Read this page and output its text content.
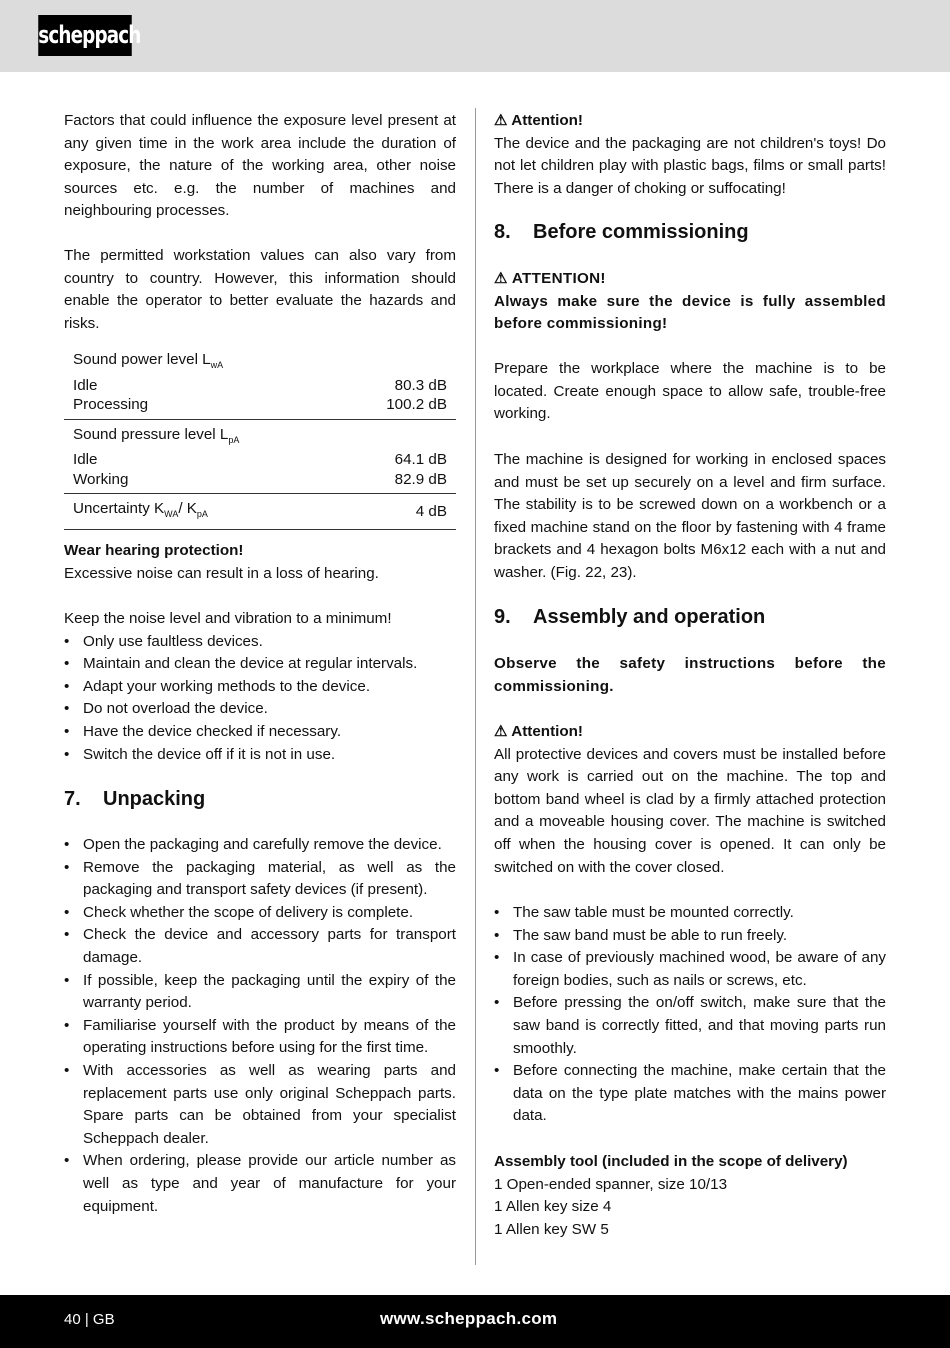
scheppach

Factors that could influence the exposure level present at any given time in the work area include the duration of exposure, the nature of the working area, other noise sources etc. e.g. the number of machines and neighbouring processes.

The permitted workstation values can also vary from country to country. However, this information should enable the operator to better evaluate the hazards and risks.

Sound power level $L_{wA}$	
Idle	80.3 dB
Processing	100.2 dB
Sound pressure level $L_{pA}$	
Idle	64.1 dB
Working	82.9 dB
Uncertainty $K_{WA}/$ $K_{pA}$	4 dB
Wear hearing protection!
Excessive noise can result in a loss of hearing.
Keep the noise level and vibration to a minimum!
• Only use faultless devices.
• Maintain and clean the device at regular intervals.
• Adapt your working methods to the device.
• Do not overload the device.
• Have the device checked if necessary.
• Switch the device off if it is not in use.
7. Unpacking
• Open the packaging and carefully remove the device.
• Remove the packaging material, as well as the packaging and transport safety devices (if present).
• Check whether the scope of delivery is complete.
• Check the device and accessory parts for transport damage.
• If possible, keep the packaging until the expiry of the warranty period.
• Familiarise yourself with the product by means of the operating instructions before using for the first time.
• With accessories as well as wearing parts and replacement parts use only original Scheppach parts. Spare parts can be obtained from your specialist Scheppach dealer.
• When ordering, please provide our article number as well as type and year of manufacture for your equipment.
⚠ Attention!
The device and the packaging are not children's toys! Do not let children play with plastic bags, films or small parts! There is a danger of choking or suffocating!
8. Before commissioning
⚠ ATTENTION!
Always make sure the device is fully assembled before commissioning!

Prepare the workplace where the machine is to be located. Create enough space to allow safe, trouble-free working.

The machine is designed for working in enclosed spaces and must be set up securely on a level and firm surface. The stability is to be screwed down on a workbench or a fixed machine stand on the floor by fastening with 4 frame brackets and 4 hexagon bolts M6x12 each with a nut and washer. (Fig. 22, 23).

9. Assembly and operation

Observe the safety instructions before the commissioning.

⚠ Attention!
All protective devices and covers must be installed before any work is carried out on the machine. The top and bottom band wheel is clad by a firmly attached protection and a moveable housing cover. The machine is switched off when the housing cover is opened. It can only be switched on with the cover closed.
• The saw table must be mounted correctly.
• The saw band must be able to run freely.
• In case of previously machined wood, be aware of any foreign bodies, such as nails or screws, etc.
• Before pressing the on/off switch, make sure that the saw band is correctly fitted, and that moving parts run smoothly.
• Before connecting the machine, make certain that the data on the type plate matches with the mains power data.
Assembly tool (included in the scope of delivery)
1 Open-ended spanner, size 10/13
1 Allen key size 4
1 Allen key SW 5
40 | GB	www.scheppach.com
